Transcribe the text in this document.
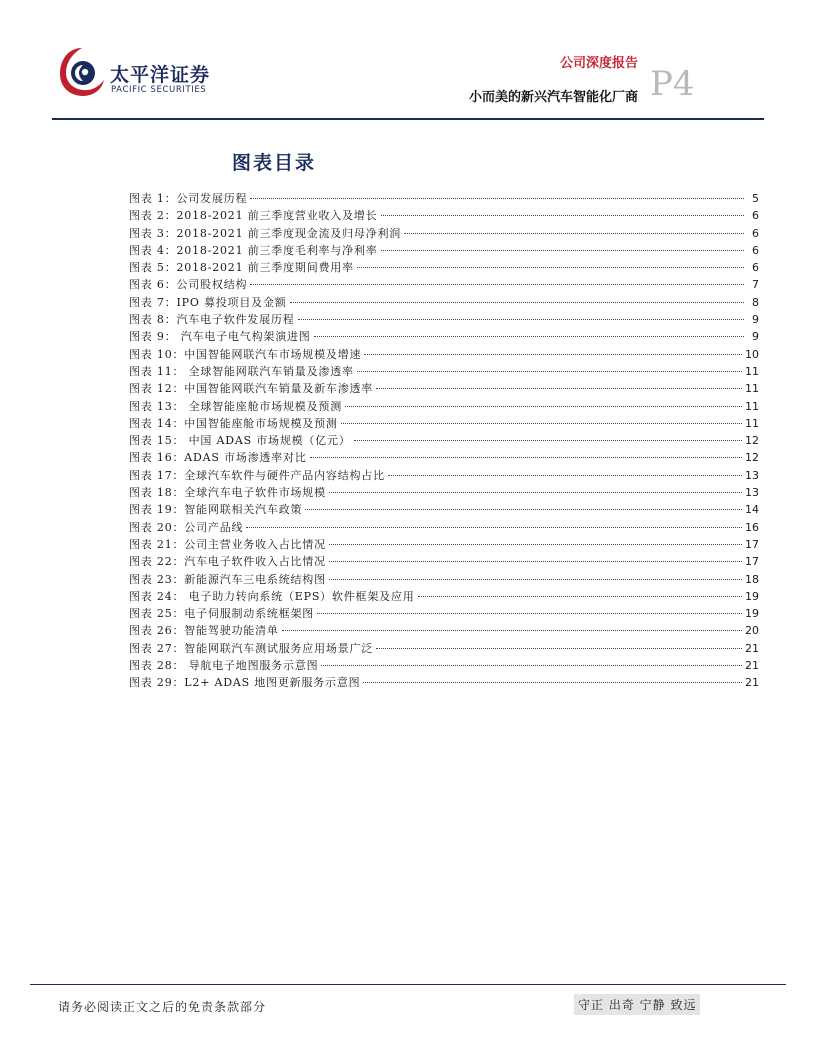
太平洋证券
PACIFIC SECURITIES
公司深度报告
小而美的新兴汽车智能化厂商 P4
图表目录
图表 1：公司发展历程	5
图表 2：2018-2021 前三季度营业收入及增长	6
图表 3：2018-2021 前三季度现金流及归母净利润	6
图表 4：2018-2021 前三季度毛利率与净利率	6
图表 5：2018-2021 前三季度期间费用率	6
图表 6：公司股权结构	7
图表 7：IPO 募投项目及金额	8
图表 8：汽车电子软件发展历程	9
图表 9： 汽车电子电气构架演进图	9
图表 10：中国智能网联汽车市场规模及增速	10
图表 11： 全球智能网联汽车销量及渗透率	11
图表 12：中国智能网联汽车销量及新车渗透率	11
图表 13： 全球智能座舱市场规模及预测	11
图表 14：中国智能座舱市场规模及预测	11
图表 15： 中国 ADAS 市场规模（亿元）	12
图表 16：ADAS 市场渗透率对比	12
图表 17：全球汽车软件与硬件产品内容结构占比	13
图表 18：全球汽车电子软件市场规模	13
图表 19：智能网联相关汽车政策	14
图表 20：公司产品线	16
图表 21：公司主营业务收入占比情况	17
图表 22：汽车电子软件收入占比情况	17
图表 23：新能源汽车三电系统结构图	18
图表 24： 电子助力转向系统（EPS）软件框架及应用	19
图表 25：电子伺服制动系统框架图	19
图表 26：智能驾驶功能清单	20
图表 27：智能网联汽车测试服务应用场景广泛	21
图表 28： 导航电子地图服务示意图	21
图表 29：L2+ ADAS 地图更新服务示意图	21
请务必阅读正文之后的免责条款部分	守正 出奇 宁静 致远
